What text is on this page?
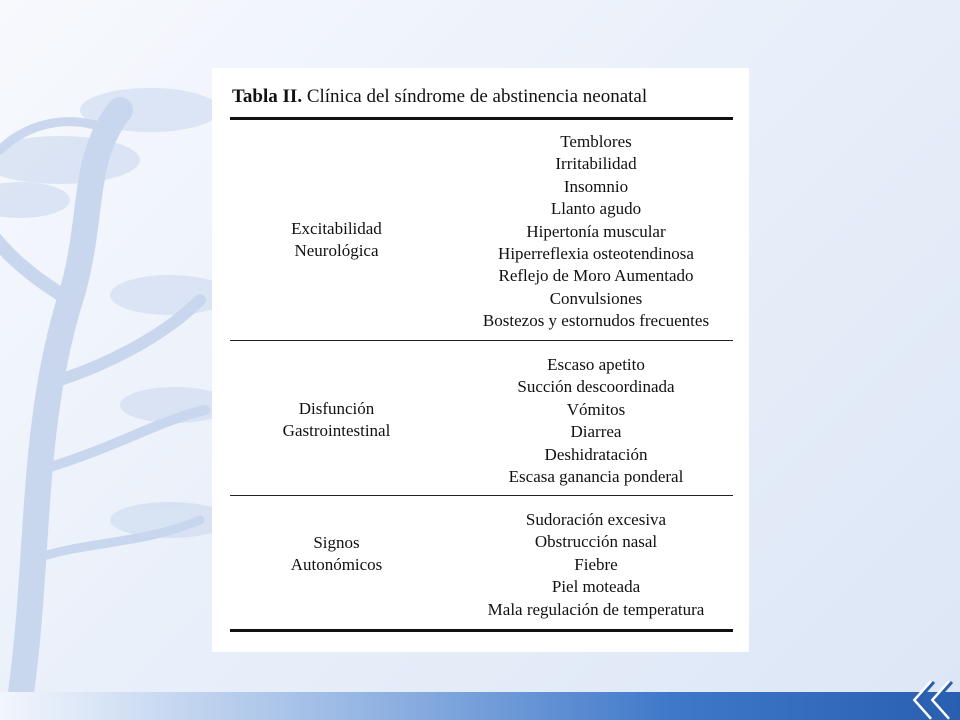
Tabla II. Clínica del síndrome de abstinencia neonatal
Excitabilidad
Neurológica
Temblores
Irritabilidad
Insomnio
Llanto agudo
Hipertonía muscular
Hiperreflexia osteotendinosa
Reflejo de Moro Aumentado
Convulsiones
Bostezos y estornudos frecuentes
Disfunción
Gastrointestinal
Escaso apetito
Succión descoordinada
Vómitos
Diarrea
Deshidratación
Escasa ganancia ponderal
Signos
Autonómicos
Sudoración excesiva
Obstrucción nasal
Fiebre
Piel moteada
Mala regulación de temperatura
